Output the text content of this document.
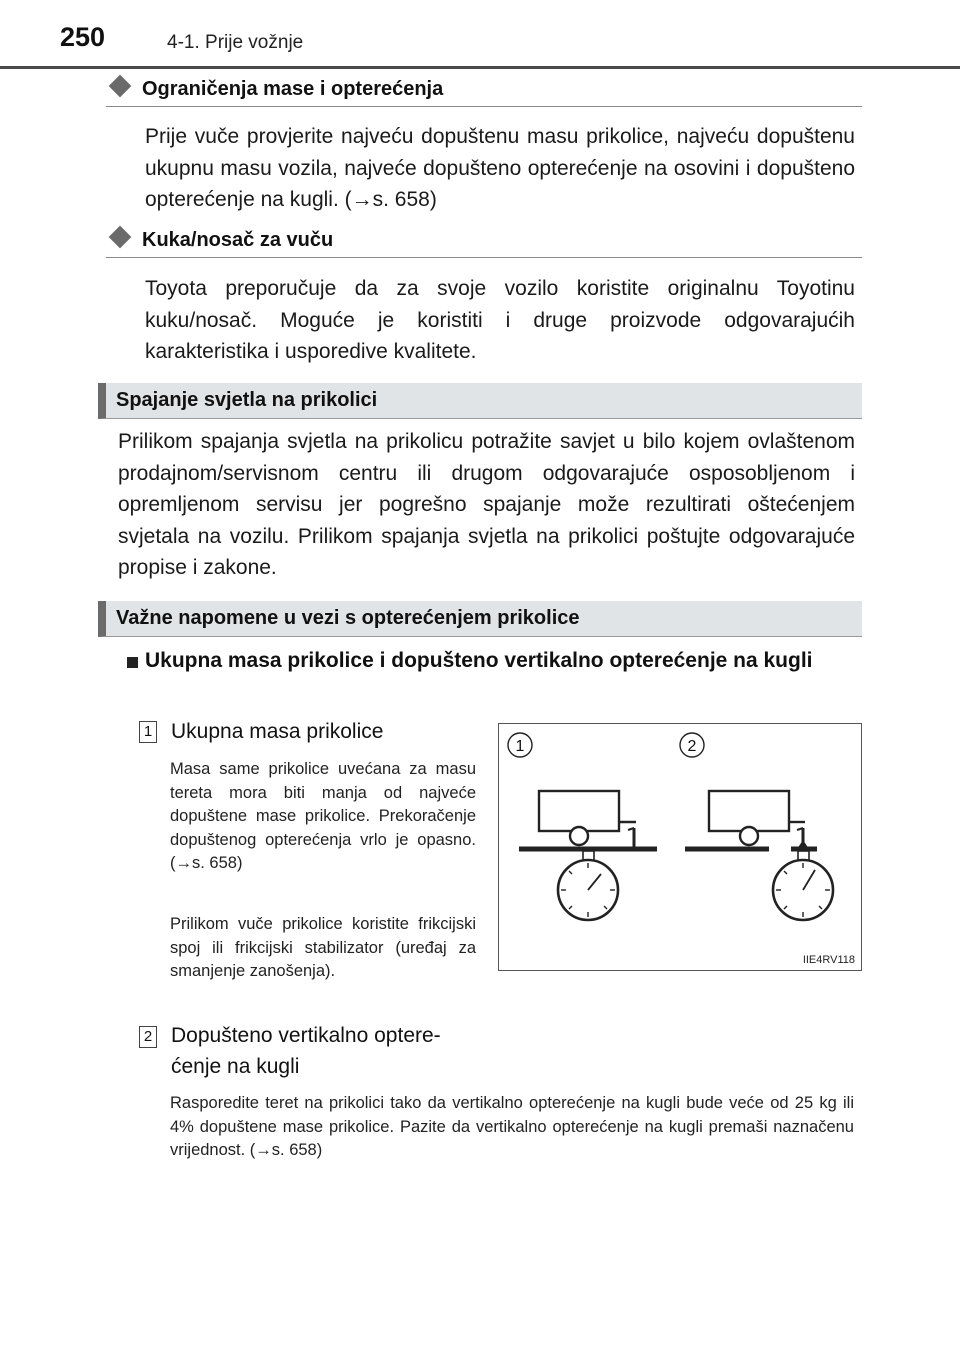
250	4-1. Prije vožnje
Ograničenja mase i opterećenja

Prije vuče provjerite najveću dopuštenu masu prikolice, najveću dopuštenu ukupnu masu vozila, najveće dopušteno opterećenje na osovini i dopušteno opterećenje na kugli. (→s. 658)

Kuka/nosač za vuču

Toyota preporučuje da za svoje vozilo koristite originalnu Toyotinu kuku/nosač. Moguće je koristiti i druge proizvode odgovarajućih karakteristika i usporedive kvalitete.

Spajanje svjetla na prikolici

Prilikom spajanja svjetla na prikolicu potražite savjet u bilo kojem ovlaštenom prodajnom/servisnom centru ili drugom odgovarajuće osposobljenom i opremljenom servisu jer pogrešno spajanje može rezultirati oštećenjem svjetala na vozilu. Prilikom spajanja svjetla na prikolici poštujte odgovarajuće propise i zakone.

Važne napomene u vezi s opterećenjem prikolice

Ukupna masa prikolice i dopušteno vertikalno opterećenje na kugli

1 Ukupna masa prikolice

Masa same prikolice uvećana za masu tereta mora biti manja od najveće dopuštene mase prikolice. Prekoračenje dopuštenog opterećenja vrlo je opasno. (→s. 658)

Prilikom vuče prikolice koristite frikcijski spoj ili frikcijski stabilizator (uređaj za smanjenje zanošenja).

2 Dopušteno vertikalno optere-

ćenje na kugli

Rasporedite teret na prikolici tako da vertikalno opterećenje na kugli bude veće od 25 kg ili 4% dopuštene mase prikolice. Pazite da vertikalno opterećenje na kugli premaši naznačenu vrijednost. (→s. 658)

1	2
IIE4RV118
